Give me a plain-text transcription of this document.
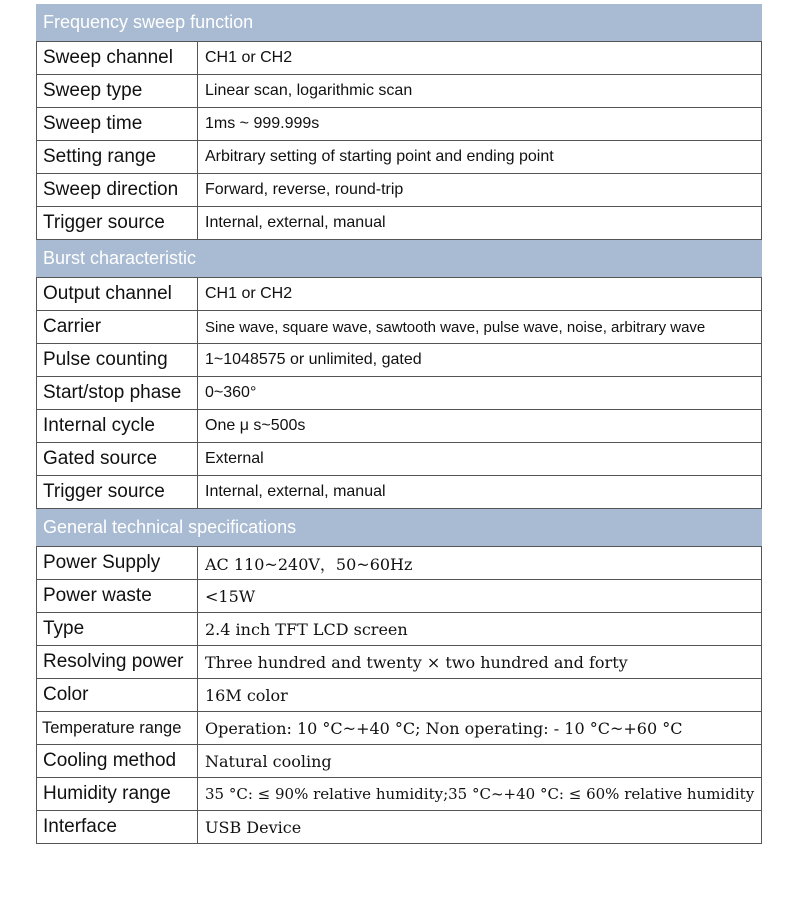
Frequency sweep function
Sweep channel	CH1 or CH2
Sweep type	Linear scan, logarithmic scan
Sweep time	1ms ~ 999.999s
Setting range	Arbitrary setting of starting point and ending point
Sweep direction	Forward, reverse, round-trip
Trigger source	Internal, external, manual
Burst characteristic
Output channel	CH1 or CH2
Carrier	Sine wave, square wave, sawtooth wave, pulse wave, noise, arbitrary wave
Pulse counting	1~1048575 or unlimited, gated
Start/stop phase	0~360°
Internal cycle	One μ s~500s
Gated source	External
Trigger source	Internal, external, manual
General technical specifications
Power Supply	AC 110~240V，50~60Hz
Power waste	<15W
Type	2.4 inch TFT LCD screen
Resolving power	Three hundred and twenty × two hundred and forty
Color	16M color
Temperature range	Operation: 10 °C~+40 °C; Non operating: - 10 °C~+60 °C
Cooling method	Natural cooling
Humidity range	35 °C: ≤ 90% relative humidity;35 °C~+40 °C: ≤ 60% relative humidity
Interface	USB Device
